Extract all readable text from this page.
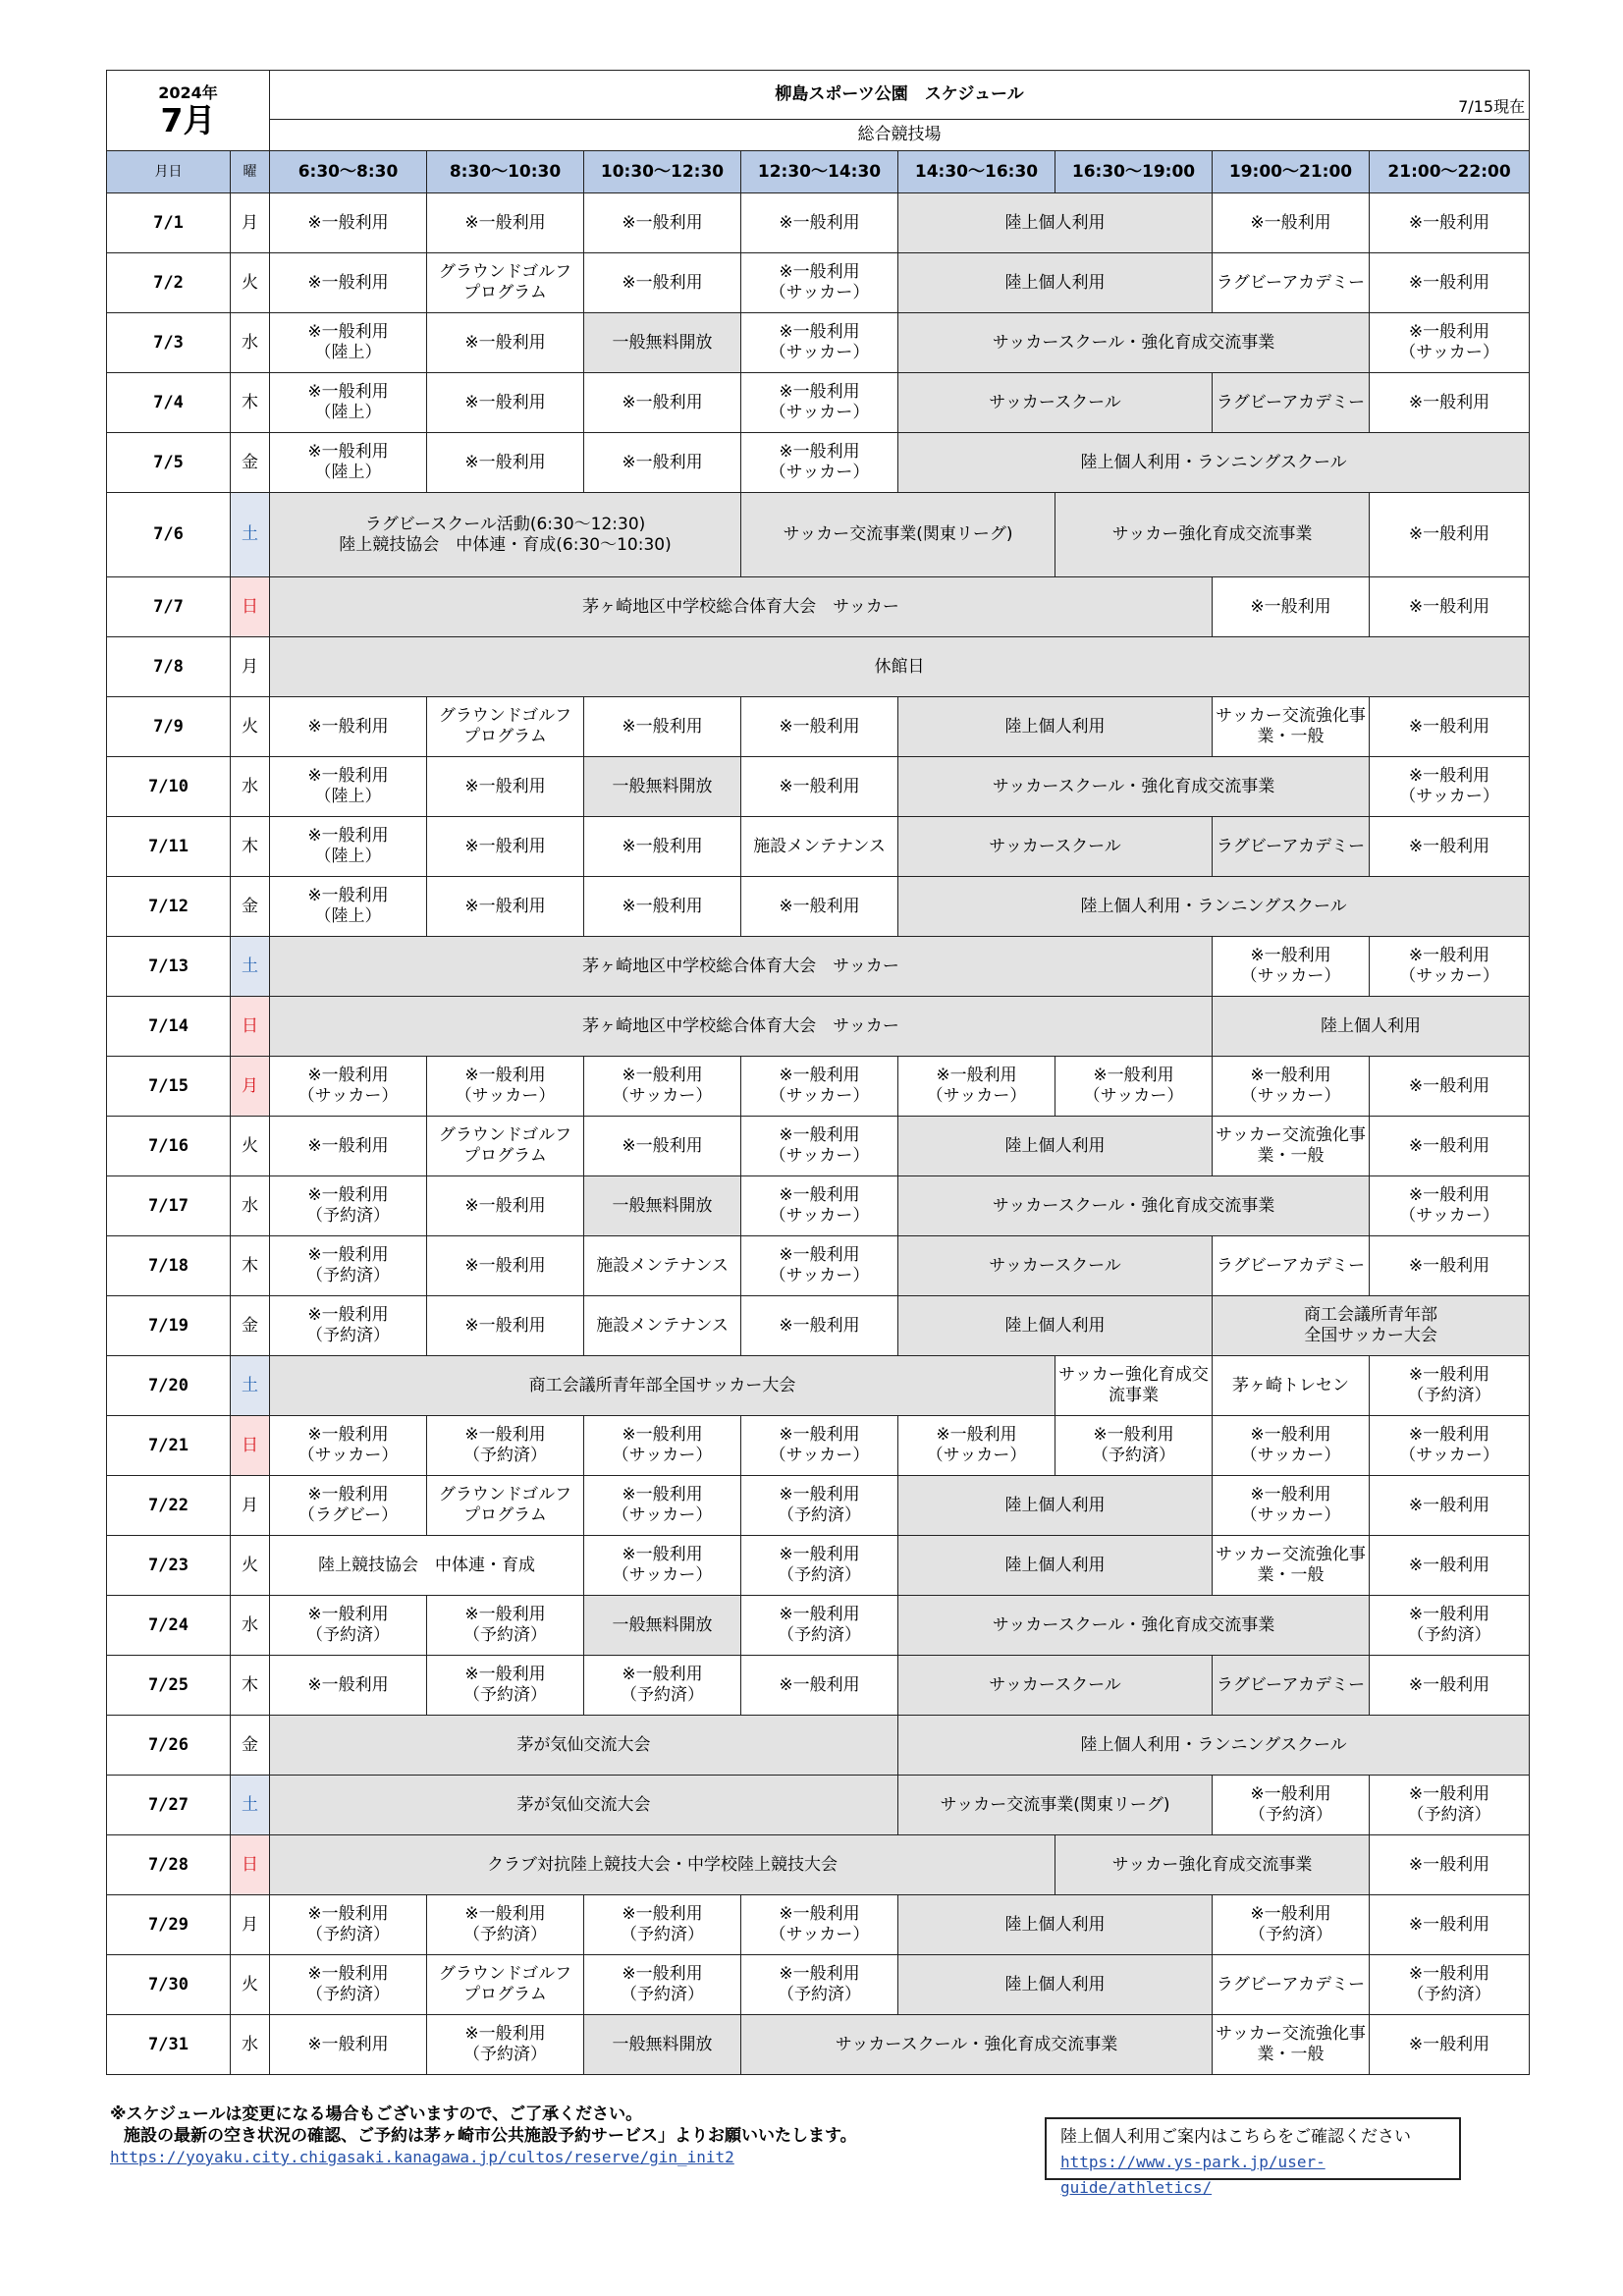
2024年
7月		柳島スポーツ公園　スケジュール
7/15現在							

		総合競技場							
月日	曜	6:30～8:30	8:30～10:30	10:30～12:30	12:30～14:30	14:30～16:30	16:30～19:00	19:00～21:00	21:00～22:00
7/1	月	※一般利用	※一般利用	※一般利用	※一般利用	陸上個人利用		※一般利用	※一般利用
7/2	火	※一般利用	グラウンドゴルフ
プログラム	※一般利用	※一般利用
（サッカー）	陸上個人利用		ラグビーアカデミー	※一般利用
7/3	水	※一般利用
（陸上）	※一般利用	一般無料開放	※一般利用
（サッカー）	サッカースクール・強化育成交流事業			※一般利用
（サッカー）
7/4	木	※一般利用
（陸上）	※一般利用	※一般利用	※一般利用
（サッカー）	サッカースクール		ラグビーアカデミー	※一般利用
7/5	金	※一般利用
（陸上）	※一般利用	※一般利用	※一般利用
（サッカー）	陸上個人利用・ランニングスクール			
7/6	土	ラグビースクール活動(6:30～12:30)
陸上競技協会　中体連・育成(6:30～10:30)			サッカー交流事業(関東リーグ)		サッカー強化育成交流事業		※一般利用
7/7	日	茅ヶ崎地区中学校総合体育大会　サッカー						※一般利用	※一般利用
7/8	月	休館日							
7/9	火	※一般利用	グラウンドゴルフ
プログラム	※一般利用	※一般利用	陸上個人利用		サッカー交流強化事業・一般	※一般利用
7/10	水	※一般利用
（陸上）	※一般利用	一般無料開放	※一般利用	サッカースクール・強化育成交流事業			※一般利用
（サッカー）
7/11	木	※一般利用
（陸上）	※一般利用	※一般利用	施設メンテナンス	サッカースクール		ラグビーアカデミー	※一般利用
7/12	金	※一般利用
（陸上）	※一般利用	※一般利用	※一般利用	陸上個人利用・ランニングスクール			
7/13	土	茅ヶ崎地区中学校総合体育大会　サッカー						※一般利用
（サッカー）	※一般利用
（サッカー）
7/14	日	茅ヶ崎地区中学校総合体育大会　サッカー						陸上個人利用	
7/15	月	※一般利用
（サッカー）	※一般利用
（サッカー）	※一般利用
（サッカー）	※一般利用
（サッカー）	※一般利用
（サッカー）	※一般利用
（サッカー）	※一般利用
（サッカー）	※一般利用
7/16	火	※一般利用	グラウンドゴルフ
プログラム	※一般利用	※一般利用
（サッカー）	陸上個人利用		サッカー交流強化事業・一般	※一般利用
7/17	水	※一般利用
（予約済）	※一般利用	一般無料開放	※一般利用
（サッカー）	サッカースクール・強化育成交流事業			※一般利用
（サッカー）
7/18	木	※一般利用
（予約済）	※一般利用	施設メンテナンス	※一般利用
（サッカー）	サッカースクール		ラグビーアカデミー	※一般利用
7/19	金	※一般利用
（予約済）	※一般利用	施設メンテナンス	※一般利用	陸上個人利用		商工会議所青年部
全国サッカー大会	
7/20	土	商工会議所青年部全国サッカー大会					サッカー強化育成交流事業	茅ヶ崎トレセン	※一般利用
（予約済）
7/21	日	※一般利用
（サッカー）	※一般利用
（予約済）	※一般利用
（サッカー）	※一般利用
（サッカー）	※一般利用
（サッカー）	※一般利用
（予約済）	※一般利用
（サッカー）	※一般利用
（サッカー）
7/22	月	※一般利用
（ラグビー）	グラウンドゴルフ
プログラム	※一般利用
（サッカー）	※一般利用
（予約済）	陸上個人利用		※一般利用
（サッカー）	※一般利用
7/23	火	陸上競技協会　中体連・育成		※一般利用
（サッカー）	※一般利用
（予約済）	陸上個人利用		サッカー交流強化事業・一般	※一般利用
7/24	水	※一般利用
（予約済）	※一般利用
（予約済）	一般無料開放	※一般利用
（予約済）	サッカースクール・強化育成交流事業			※一般利用
（予約済）
7/25	木	※一般利用	※一般利用
（予約済）	※一般利用
（予約済）	※一般利用	サッカースクール		ラグビーアカデミー	※一般利用
7/26	金	茅が気仙交流大会				陸上個人利用・ランニングスクール			
7/27	土	茅が気仙交流大会				サッカー交流事業(関東リーグ)		※一般利用
（予約済）	※一般利用
（予約済）
7/28	日	クラブ対抗陸上競技大会・中学校陸上競技大会					サッカー強化育成交流事業		※一般利用
7/29	月	※一般利用
（予約済）	※一般利用
（予約済）	※一般利用
（予約済）	※一般利用
（サッカー）	陸上個人利用		※一般利用
（予約済）	※一般利用
7/30	火	※一般利用
（予約済）	グラウンドゴルフ
プログラム	※一般利用
（予約済）	※一般利用
（予約済）	陸上個人利用		ラグビーアカデミー	※一般利用
（予約済）
7/31	水	※一般利用	※一般利用
（予約済）	一般無料開放	サッカースクール・強化育成交流事業			サッカー交流強化事業・一般	※一般利用
※スケジュールは変更になる場合もございますので、ご了承ください。
施設の最新の空き状況の確認、ご予約は茅ヶ崎市公共施設予約サービス」よりお願いいたします。
https://yoyaku.city.chigasaki.kanagawa.jp/cultos/reserve/gin_init2
陸上個人利用ご案内はこちらをご確認ください
https://www.ys-park.jp/user-guide/athletics/
